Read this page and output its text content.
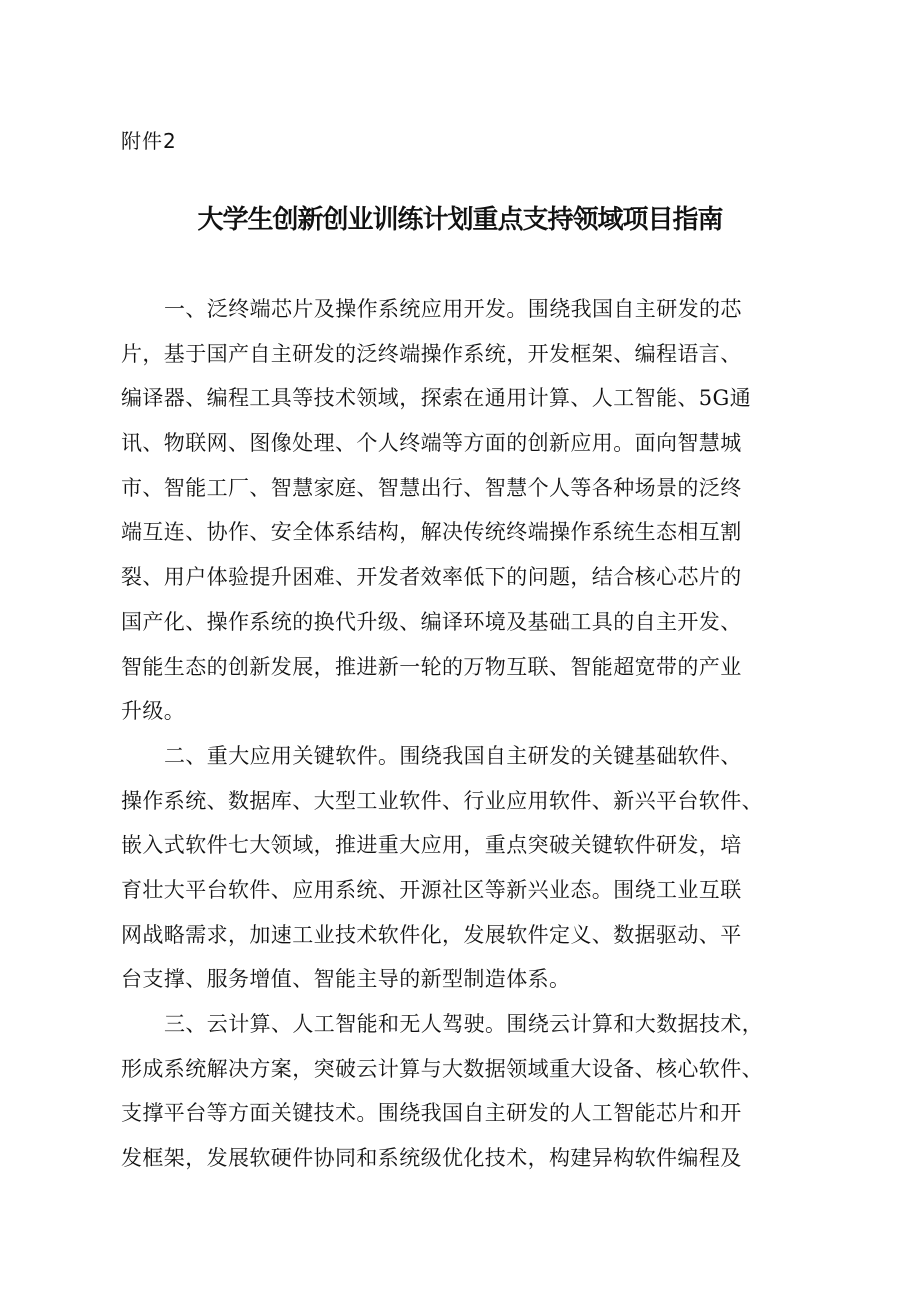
附件2
大学生创新创业训练计划重点支持领域项目指南
一、泛终端芯片及操作系统应用开发。围绕我国自主研发的芯
片，基于国产自主研发的泛终端操作系统，开发框架、编程语言、
编译器、编程工具等技术领域，探索在通用计算、人工智能、5G通
讯、物联网、图像处理、个人终端等方面的创新应用。面向智慧城
市、智能工厂、智慧家庭、智慧出行、智慧个人等各种场景的泛终
端互连、协作、安全体系结构，解决传统终端操作系统生态相互割
裂、用户体验提升困难、开发者效率低下的问题，结合核心芯片的
国产化、操作系统的换代升级、编译环境及基础工具的自主开发、
智能生态的创新发展，推进新一轮的万物互联、智能超宽带的产业
升级。
二、重大应用关键软件。围绕我国自主研发的关键基础软件、
操作系统、数据库、大型工业软件、行业应用软件、新兴平台软件、
嵌入式软件七大领域，推进重大应用，重点突破关键软件研发，培
育壮大平台软件、应用系统、开源社区等新兴业态。围绕工业互联
网战略需求，加速工业技术软件化，发展软件定义、数据驱动、平
台支撑、服务增值、智能主导的新型制造体系。
三、云计算、人工智能和无人驾驶。围绕云计算和大数据技术，
形成系统解决方案，突破云计算与大数据领域重大设备、核心软件、
支撑平台等方面关键技术。围绕我国自主研发的人工智能芯片和开
发框架，发展软硬件协同和系统级优化技术，构建异构软件编程及
